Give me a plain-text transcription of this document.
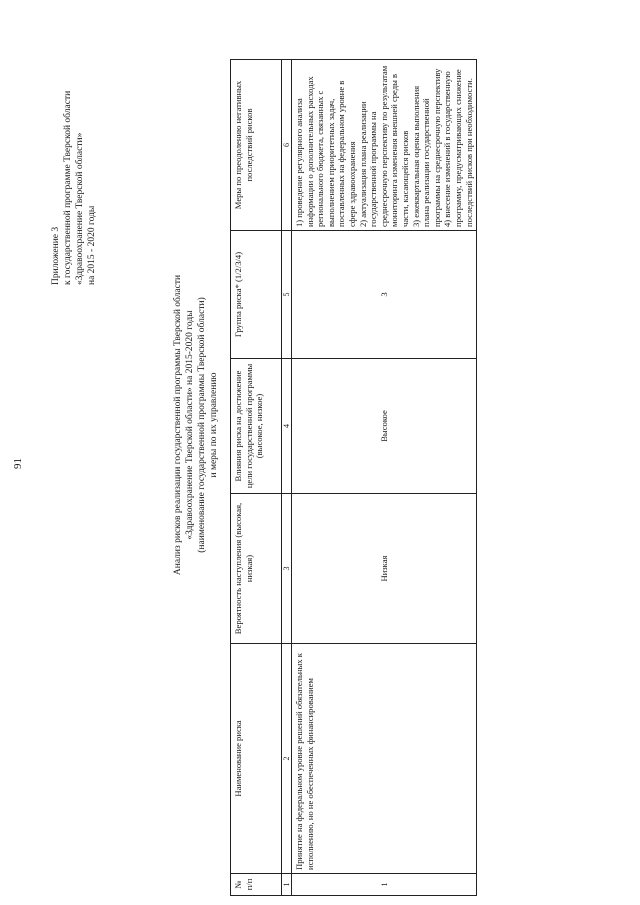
91
Приложение 3 к государственной программе Тверской области «Здравоохранение Тверской области» на 2015 - 2020 годы
Анализ рисков реализации государственной программы Тверской области «Здравоохранение Тверской области» на 2015-2020 годы (наименование государственной программы Тверской области) и меры по их управлению
№ п/п	Наименование риска	Вероятность наступления (высокая, низкая)	Влияния риска на достижение цели государственной программы (высокое, низкое)	Группа риска* (1/2/3/4)	Меры по преодолению негативных последствий рисков
1	2	3	4	5	6
1	Принятие на федеральном уровне решений обязательных к исполнению, но не обеспеченных финансированием	Низкая	Высокое	3	1) проведение регулярного анализа информации о дополнительных расходах регионального бюджета, связанных с выполнением приоритетных задач, поставленных на федеральном уровне в сфере здравоохранения 2) актуализация плана реализации государственной программы на среднесрочную перспективу по результатам мониторинга изменения внешней среды в части, касающейся рисков 3) ежеквартальная оценка выполнения плана реализации государственной программы на среднесрочную перспективу 4) внесение изменений в государственную программу, предусматривающих снижение последствий рисков при необходимости.
